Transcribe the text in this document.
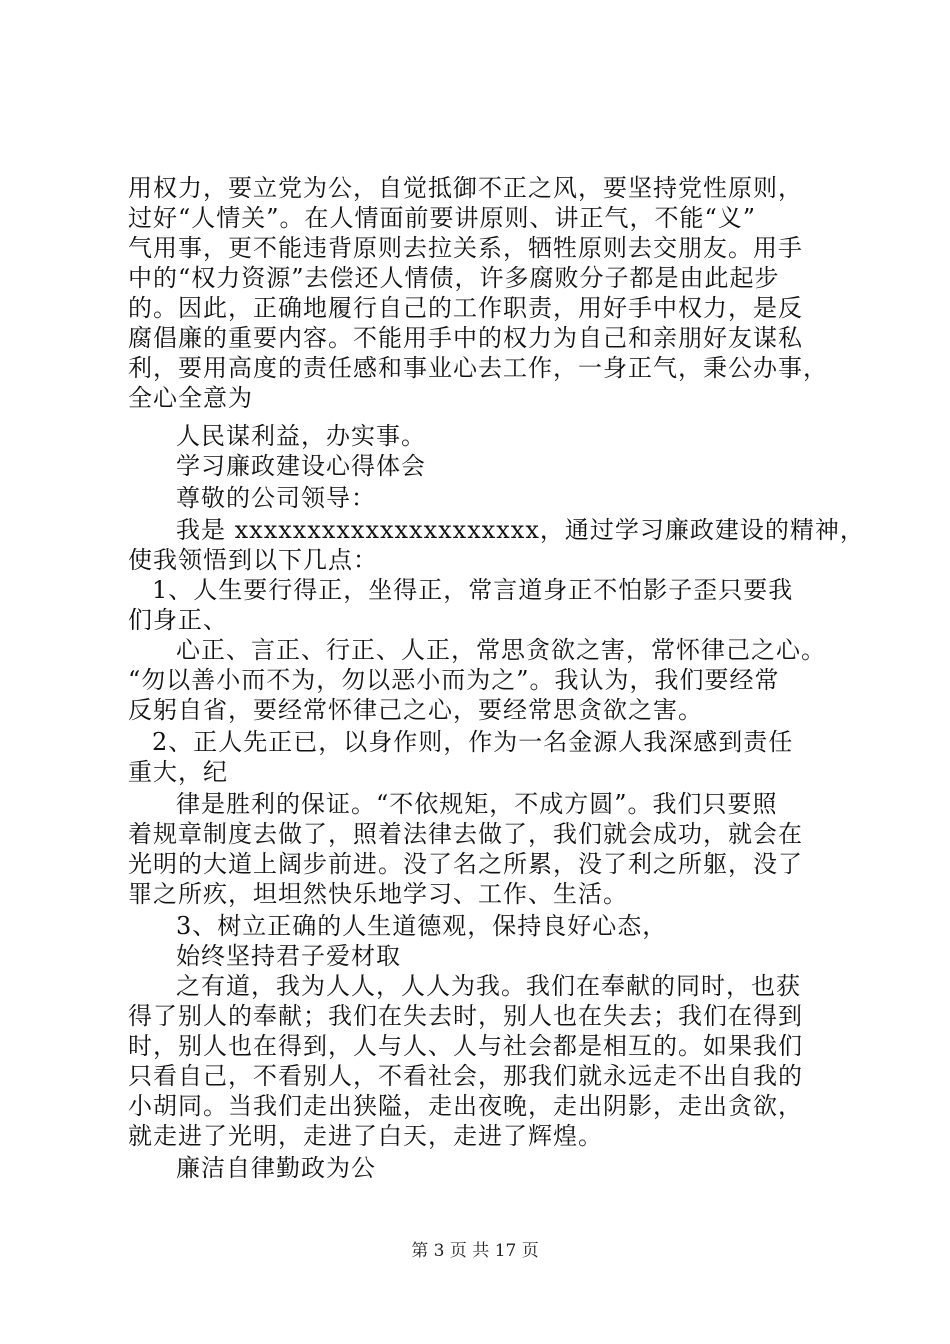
用权力，要立党为公，自觉抵御不正之风，要坚持党性原则，
过好“人情关”。在人情面前要讲原则、讲正气，不能“义”
气用事，更不能违背原则去拉关系，牺牲原则去交朋友。用手
中的“权力资源”去偿还人情债，许多腐败分子都是由此起步
的。因此，正确地履行自己的工作职责，用好手中权力，是反
腐倡廉的重要内容。不能用手中的权力为自己和亲朋好友谋私
利，要用高度的责任感和事业心去工作，一身正气，秉公办事，
全心全意为
人民谋利益，办实事。
学习廉政建设心得体会
尊敬的公司领导：
我是 xxxxxxxxxxxxxxxxxxxxx，通过学习廉政建设的精神，
使我领悟到以下几点：
1、人生要行得正，坐得正，常言道身正不怕影子歪只要我
们身正、
心正、言正、行正、人正，常思贪欲之害，常怀律己之心。
“勿以善小而不为，勿以恶小而为之”。我认为，我们要经常
反躬自省，要经常怀律己之心，要经常思贪欲之害。
2、正人先正已，以身作则，作为一名金源人我深感到责任
重大，纪
律是胜利的保证。“不依规矩，不成方圆”。我们只要照
着规章制度去做了，照着法律去做了，我们就会成功，就会在
光明的大道上阔步前进。没了名之所累，没了利之所躯，没了
罪之所疚，坦坦然快乐地学习、工作、生活。
3、树立正确的人生道德观，保持良好心态，
始终坚持君子爱材取
之有道，我为人人，人人为我。我们在奉献的同时，也获
得了别人的奉献；我们在失去时，别人也在失去；我们在得到
时，别人也在得到，人与人、人与社会都是相互的。如果我们
只看自己，不看别人，不看社会，那我们就永远走不出自我的
小胡同。当我们走出狭隘，走出夜晚，走出阴影，走出贪欲，
就走进了光明，走进了白天，走进了辉煌。
廉洁自律勤政为公
第 3 页 共 17 页
